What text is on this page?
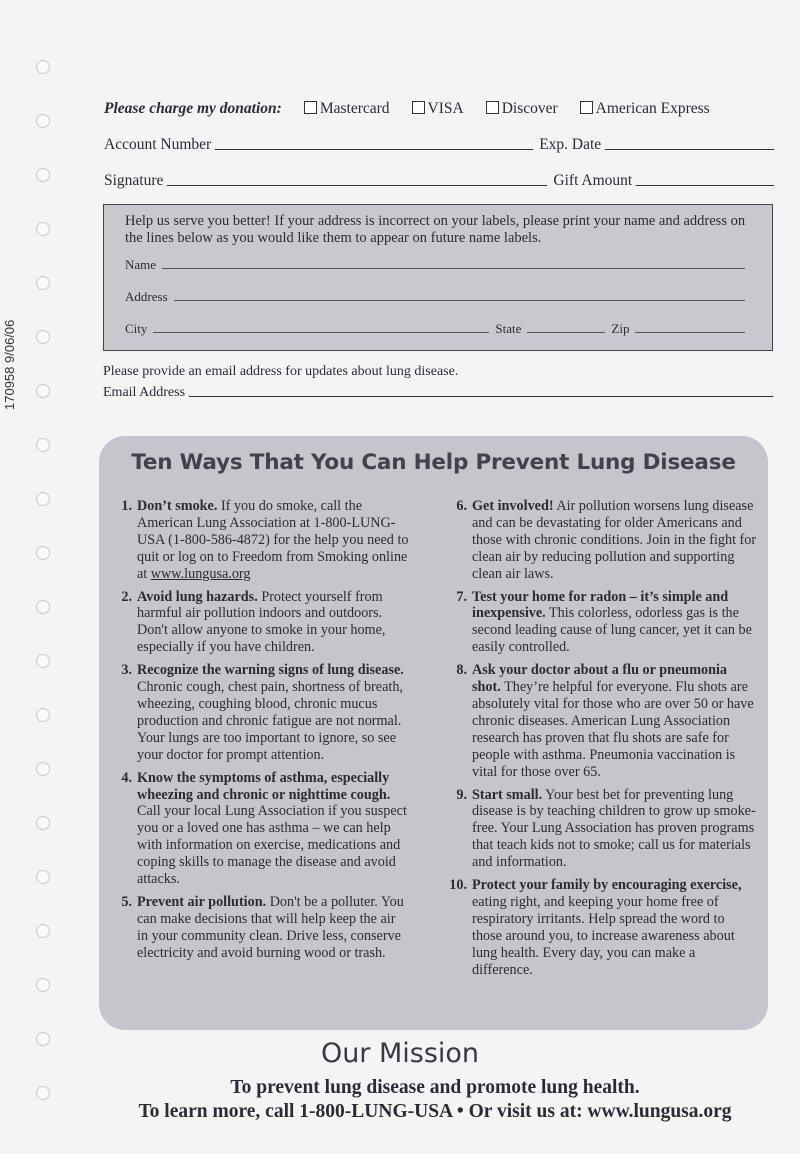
170958 9/06/06
Please charge my donation:	Mastercard	VISA	Discover	American Express
Account Number	Exp. Date
Signature	Gift Amount
Help us serve you better! If your address is incorrect on your labels, please print your name and address on the lines below as you would like them to appear on future name labels.
Name
Address
City	State	Zip
Please provide an email address for updates about lung disease.
Email Address
Ten Ways That You Can Help Prevent Lung Disease
1. Don’t smoke. If you do smoke, call the American Lung Association at 1-800-LUNG-USA (1-800-586-4872) for the help you need to quit or log on to Freedom from Smoking online at www.lungusa.org
2. Avoid lung hazards. Protect yourself from harmful air pollution indoors and outdoors. Don't allow anyone to smoke in your home, especially if you have children.
3. Recognize the warning signs of lung disease. Chronic cough, chest pain, shortness of breath, wheezing, coughing blood, chronic mucus production and chronic fatigue are not normal. Your lungs are too important to ignore, so see your doctor for prompt attention.
4. Know the symptoms of asthma, especially wheezing and chronic or nighttime cough. Call your local Lung Association if you suspect you or a loved one has asthma – we can help with information on exercise, medications and coping skills to manage the disease and avoid attacks.
5. Prevent air pollution. Don't be a polluter. You can make decisions that will help keep the air in your community clean. Drive less, conserve electricity and avoid burning wood or trash.
6. Get involved! Air pollution worsens lung disease and can be devastating for older Americans and those with chronic conditions. Join in the fight for clean air by reducing pollution and supporting clean air laws.
7. Test your home for radon – it’s simple and inexpensive. This colorless, odorless gas is the second leading cause of lung cancer, yet it can be easily controlled.
8. Ask your doctor about a flu or pneumonia shot. They’re helpful for everyone. Flu shots are absolutely vital for those who are over 50 or have chronic diseases. American Lung Association research has proven that flu shots are safe for people with asthma. Pneumonia vaccination is vital for those over 65.
9. Start small. Your best bet for preventing lung disease is by teaching children to grow up smoke-free. Your Lung Association has proven programs that teach kids not to smoke; call us for materials and information.
10. Protect your family by encouraging exercise, eating right, and keeping your home free of respiratory irritants. Help spread the word to those around you, to increase awareness about lung health. Every day, you can make a difference.
Our Mission
To prevent lung disease and promote lung health.
To learn more, call 1-800-LUNG-USA • Or visit us at: www.lungusa.org
